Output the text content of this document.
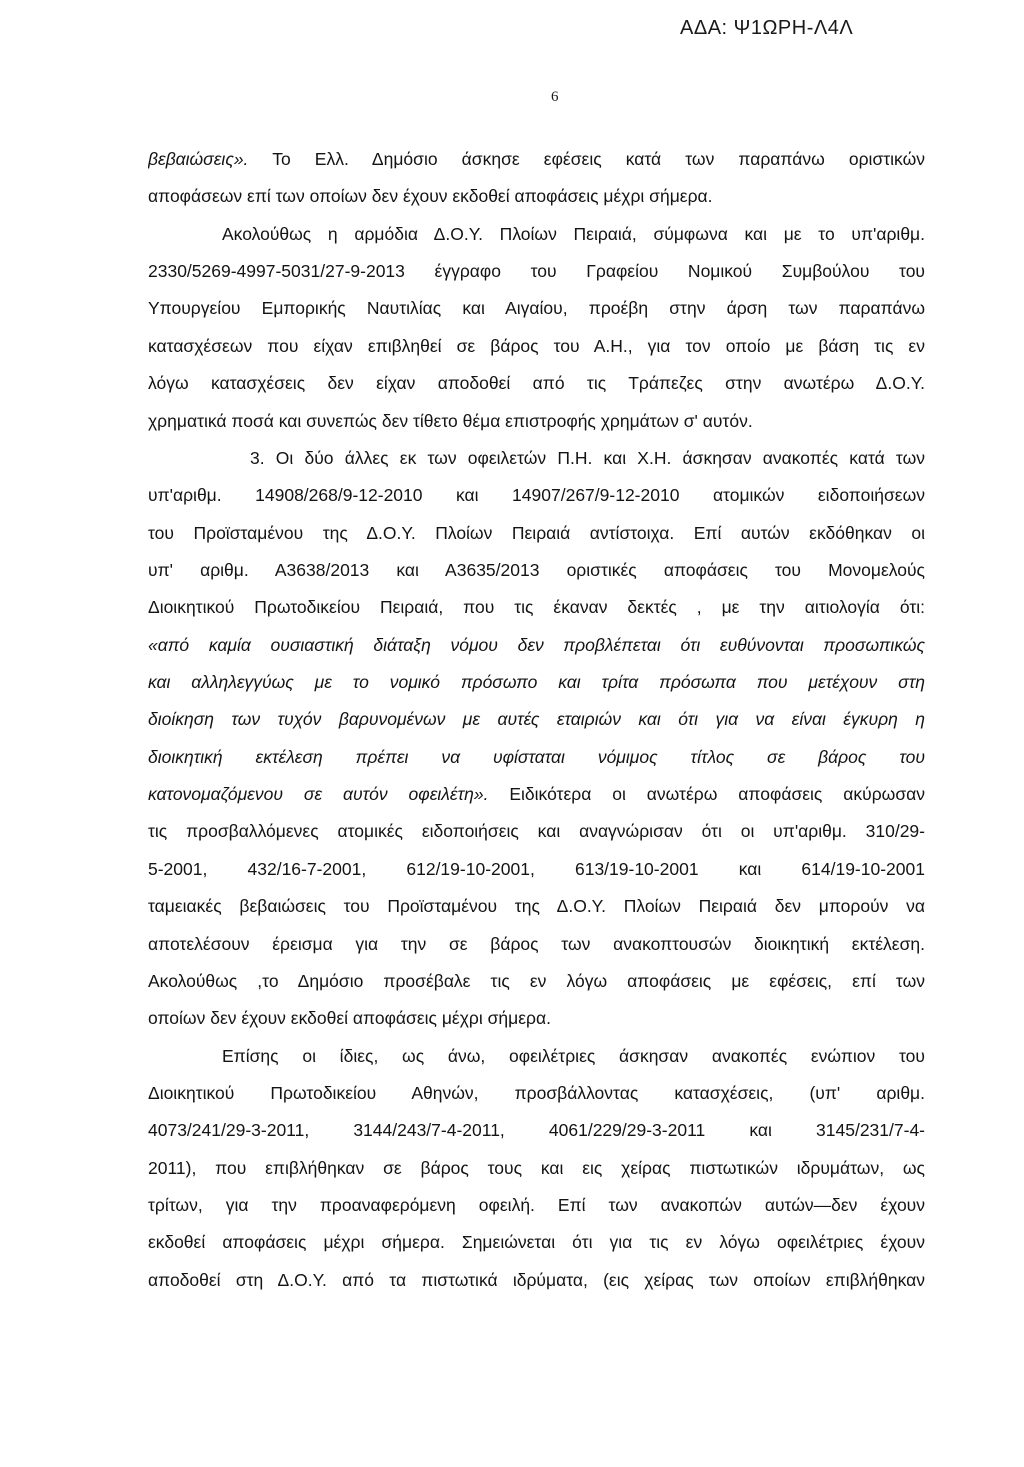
ΑΔΑ: Ψ1ΩΡΗ-Λ4Λ
6
βεβαιώσεις». Το Ελλ. Δημόσιο άσκησε εφέσεις κατά των παραπάνω οριστικών
αποφάσεων επί των οποίων δεν έχουν εκδοθεί αποφάσεις μέχρι σήμερα.
Ακολούθως η αρμόδια Δ.Ο.Υ. Πλοίων Πειραιά, σύμφωνα και με το υπ'αριθμ.
2330/5269-4997-5031/27-9-2013 έγγραφο του Γραφείου Νομικού Συμβούλου του
Υπουργείου Εμπορικής Ναυτιλίας και Αιγαίου, προέβη στην άρση των παραπάνω
κατασχέσεων που είχαν επιβληθεί σε βάρος του Α.Η., για τον οποίο με βάση τις εν
λόγω κατασχέσεις δεν είχαν αποδοθεί από τις Τράπεζες στην ανωτέρω Δ.Ο.Υ.
χρηματικά ποσά και συνεπώς δεν τίθετο θέμα επιστροφής χρημάτων σ' αυτόν.
3. Οι δύο άλλες εκ των οφειλετών Π.Η. και Χ.Η. άσκησαν ανακοπές κατά των
υπ'αριθμ. 14908/268/9-12-2010 και 14907/267/9-12-2010 ατομικών ειδοποιήσεων
του Προϊσταμένου της Δ.Ο.Υ. Πλοίων Πειραιά αντίστοιχα. Επί αυτών εκδόθηκαν οι
υπ' αριθμ. Α3638/2013 και Α3635/2013 οριστικές αποφάσεις του Μονομελούς
Διοικητικού Πρωτοδικείου Πειραιά, που τις έκαναν δεκτές , με την αιτιολογία ότι:
«από καμία ουσιαστική διάταξη νόμου δεν προβλέπεται ότι ευθύνονται προσωπικώς
και αλληλεγγύως με το νομικό πρόσωπο και τρίτα πρόσωπα που μετέχουν στη
διοίκηση των τυχόν βαρυνομένων με αυτές εταιριών και ότι για να είναι έγκυρη η
διοικητική εκτέλεση πρέπει να υφίσταται νόμιμος τίτλος σε βάρος του
κατονομαζόμενου σε αυτόν οφειλέτη». Ειδικότερα οι ανωτέρω αποφάσεις ακύρωσαν
τις προσβαλλόμενες ατομικές ειδοποιήσεις και αναγνώρισαν ότι οι υπ'αριθμ. 310/29-
5-2001, 432/16-7-2001, 612/19-10-2001, 613/19-10-2001 και 614/19-10-2001
ταμειακές βεβαιώσεις του Προϊσταμένου της Δ.Ο.Υ. Πλοίων Πειραιά δεν μπορούν να
αποτελέσουν έρεισμα για την σε βάρος των ανακοπτουσών διοικητική εκτέλεση.
Ακολούθως ,το Δημόσιο προσέβαλε τις εν λόγω αποφάσεις με εφέσεις, επί των
οποίων δεν έχουν εκδοθεί αποφάσεις μέχρι σήμερα.
Επίσης οι ίδιες, ως άνω, οφειλέτριες άσκησαν ανακοπές ενώπιον του
Διοικητικού Πρωτοδικείου Αθηνών, προσβάλλοντας κατασχέσεις, (υπ' αριθμ.
4073/241/29-3-2011, 3144/243/7-4-2011, 4061/229/29-3-2011 και 3145/231/7-4-
2011), που επιβλήθηκαν σε βάρος τους και εις χείρας πιστωτικών ιδρυμάτων, ως
τρίτων, για την προαναφερόμενη οφειλή. Επί των ανακοπών αυτών—δεν έχουν
εκδοθεί αποφάσεις μέχρι σήμερα. Σημειώνεται ότι για τις εν λόγω οφειλέτριες έχουν
αποδοθεί στη Δ.Ο.Υ. από τα πιστωτικά ιδρύματα, (εις χείρας των οποίων επιβλήθηκαν
